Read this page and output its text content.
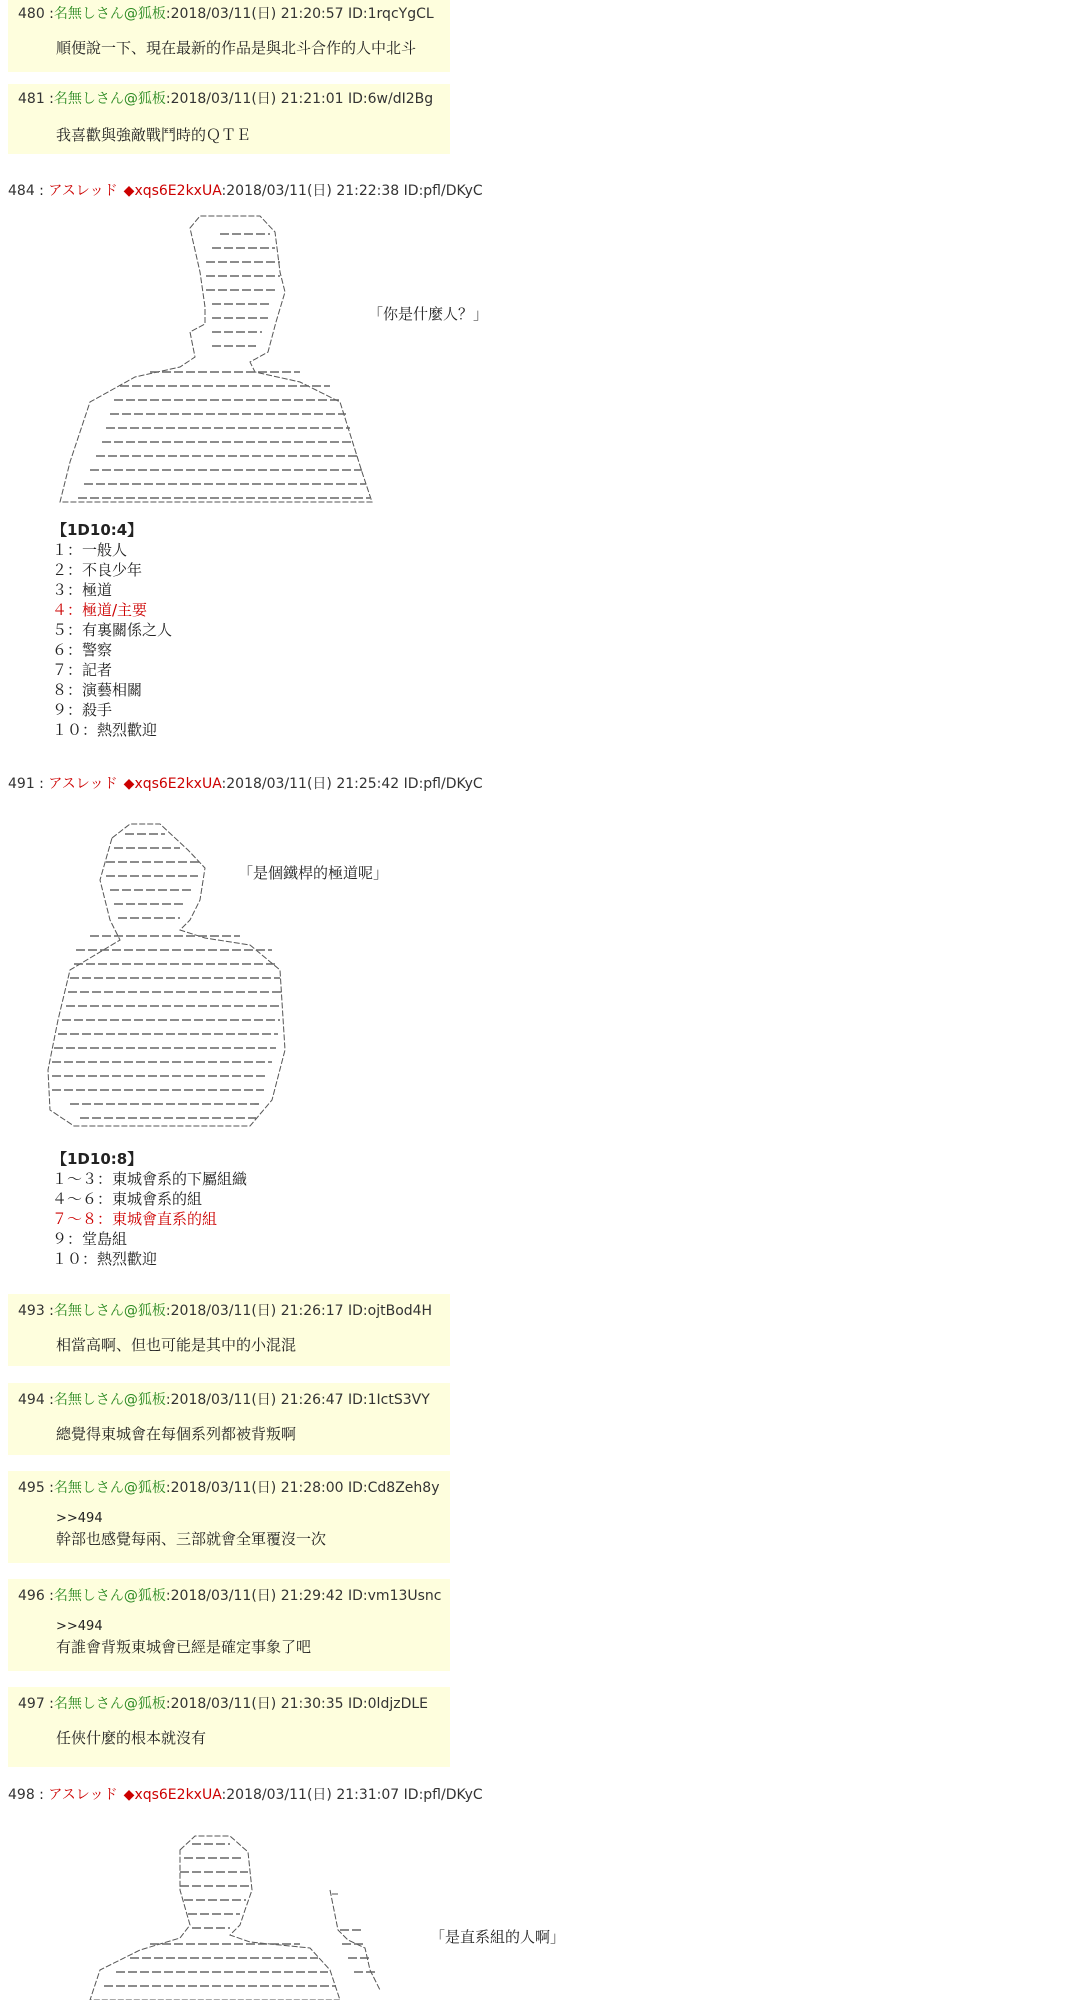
480 :名無しさん@狐板:2018/03/11(日) 21:20:57 ID:1rqcYgCL
順便說一下、現在最新的作品是與北斗合作的人中北斗
481 :名無しさん@狐板:2018/03/11(日) 21:21:01 ID:6w/dI2Bg
我喜歡與強敵戰鬥時的ＱＴＥ
484 : アスレッド ◆xqs6E2kxUA:2018/03/11(日) 21:22:38 ID:pfl/DKyC
「你是什麼人？」
【1D10:4】
１：一般人
２：不良少年
３：極道
４：極道/主要
５：有裏關係之人
６：警察
７：記者
８：演藝相關
９：殺手
１０：熱烈歡迎
491 : アスレッド ◆xqs6E2kxUA:2018/03/11(日) 21:25:42 ID:pfl/DKyC
「是個鐵桿的極道呢」
【1D10:8】
１～３：東城會系的下屬組織
４～６：東城會系的組
７～８：東城會直系的組
９：堂島組
１０：熱烈歡迎
493 :名無しさん@狐板:2018/03/11(日) 21:26:17 ID:ojtBod4H
相當高啊、但也可能是其中的小混混
494 :名無しさん@狐板:2018/03/11(日) 21:26:47 ID:1IctS3VY
總覺得東城會在每個系列都被背叛啊
495 :名無しさん@狐板:2018/03/11(日) 21:28:00 ID:Cd8Zeh8y
>>494
幹部也感覺每兩、三部就會全軍覆沒一次
496 :名無しさん@狐板:2018/03/11(日) 21:29:42 ID:vm13Usnc
>>494
有誰會背叛東城會已經是確定事象了吧
497 :名無しさん@狐板:2018/03/11(日) 21:30:35 ID:0ldjzDLE
任俠什麼的根本就沒有
498 : アスレッド ◆xqs6E2kxUA:2018/03/11(日) 21:31:07 ID:pfl/DKyC
「是直系組的人啊」
